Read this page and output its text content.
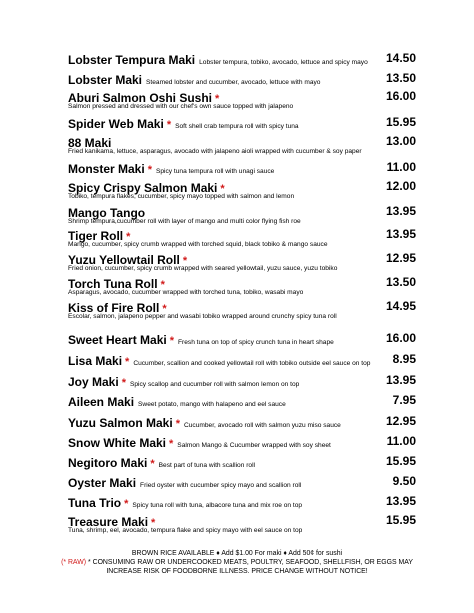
Lobster Tempura Maki Lobster tempura, tobiko, avocado, lettuce and spicy mayo 14.50
Lobster Maki Steamed lobster and cucumber, avocado, lettuce with mayo	13.50
Aburi Salmon Oshi Sushi *	16.00
Salmon pressed and dressed with our chef's own sauce topped with jalapeno
Spider Web Maki * Soft shell crab tempura roll with spicy tuna	15.95
88 Maki	13.00
Fried kanikama, lettuce, asparagus, avocado with jalapeno aioli wrapped with cucumber & soy paper
Monster Maki * Spicy tuna tempura roll with unagi sauce	11.00
Spicy Crispy Salmon Maki *	12.00
Tobiko, tempura flakes, cucumber, spicy mayo topped with salmon and lemon
Mango Tango	13.95
Shrimp tempura,cucumber roll with layer of mango and multi color flying fish roe
Tiger Roll *	13.95
Mango, cucumber, spicy crumb wrapped with torched squid, black tobiko & mango sauce
Yuzu Yellowtail Roll *	12.95
Fried onion, cucumber, spicy crumb wrapped with seared yellowtail, yuzu sauce, yuzu tobiko
Torch Tuna Roll *	13.50
Asparagus, avocado, cucumber wrapped with torched tuna, tobiko, wasabi mayo
Kiss of Fire Roll *	14.95
Escolar, salmon, jalapeno pepper and wasabi tobiko wrapped around crunchy spicy tuna roll
Sweet Heart Maki * Fresh tuna on top of spicy crunch tuna in heart shape	16.00
Lisa Maki * Cucumber, scallion and cooked yellowtail roll with tobiko outside eel sauce on top 8.95
Joy Maki * Spicy scallop and cucumber roll with salmon lemon on top	13.95
Aileen Maki Sweet potato, mango with halapeno and eel sauce	7.95
Yuzu Salmon Maki * Cucumber, avocado roll with salmon yuzu miso sauce	12.95
Snow White Maki * Salmon Mango & Cucumber wrapped with soy sheet	11.00
Negitoro Maki * Best part of tuna with scallion roll	15.95
Oyster Maki Fried oyster with cucumber spicy mayo and scallion roll	9.50
Tuna Trio * Spicy tuna roll with tuna, albacore tuna and mix roe on top	13.95
Treasure Maki *	15.95
Tuna, shrimp, eel, avocado, tempura flake and spicy mayo with eel sauce on top
BROWN RICE AVAILABLE ♦ Add $1.00 For maki ♦ Add 50¢ for sushi
(* RAW) * CONSUMING RAW OR UNDERCOOKED MEATS, POULTRY, SEAFOOD, SHELLFISH, OR EGGS MAY
INCREASE RISK OF FOODBORNE ILLNESS. PRICE CHANGE WITHOUT NOTICE!
